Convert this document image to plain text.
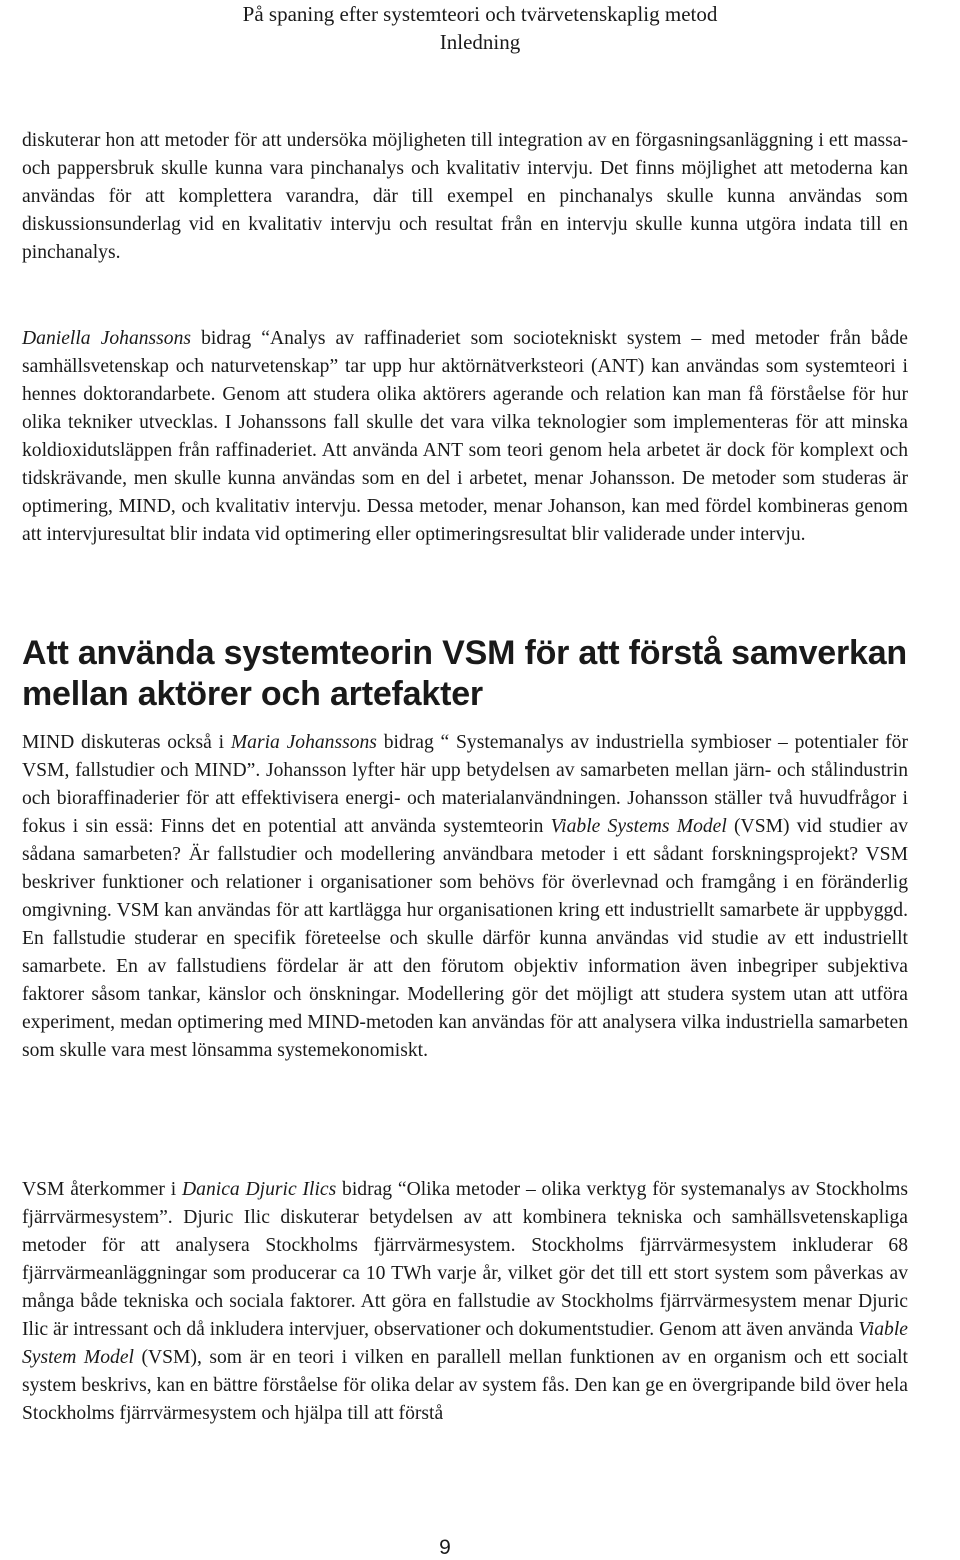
På spaning efter systemteori och tvärvetenskaplig metod
Inledning

diskuterar hon att metoder för att undersöka möjligheten till integration av en förgasningsanläggning i ett massa- och pappersbruk skulle kunna vara pinchanalys och kvalitativ intervju. Det finns möjlighet att metoderna kan användas för att komplettera varandra, där till exempel en pinchanalys skulle kunna användas som diskussionsunderlag vid en kvalitativ intervju och resultat från en intervju skulle kunna utgöra indata till en pinchanalys.

Daniella Johanssons bidrag “Analys av raffinaderiet som sociotekniskt system – med metoder från både samhällsvetenskap och naturvetenskap” tar upp hur aktörnätverksteori (ANT) kan användas som systemteori i hennes doktorandarbete. Genom att studera olika aktörers agerande och relation kan man få förståelse för hur olika tekniker utvecklas. I Johanssons fall skulle det vara vilka teknologier som implementeras för att minska koldioxidutsläppen från raffinaderiet. Att använda ANT som teori genom hela arbetet är dock för komplext och tidskrävande, men skulle kunna användas som en del i arbetet, menar Johansson. De metoder som studeras är optimering, MIND, och kvalitativ intervju. Dessa metoder, menar Johanson, kan med fördel kombineras genom att intervjuresultat blir indata vid optimering eller optimeringsresultat blir validerade under intervju.

Att använda systemteorin VSM för att förstå samverkan mellan aktörer och artefakter

MIND diskuteras också i Maria Johanssons bidrag “ Systemanalys av industriella symbioser – potentialer för VSM, fallstudier och MIND”. Johansson lyfter här upp betydelsen av samarbeten mellan järn- och stålindustrin och bioraffinaderier för att effektivisera energi- och materialanvändningen. Johansson ställer två huvudfrågor i fokus i sin essä: Finns det en potential att använda systemteorin Viable Systems Model (VSM) vid studier av sådana samarbeten? Är fallstudier och modellering användbara metoder i ett sådant forskningsprojekt? VSM beskriver funktioner och relationer i organisationer som behövs för överlevnad och framgång i en föränderlig omgivning. VSM kan användas för att kartlägga hur organisationen kring ett industriellt samarbete är uppbyggd. En fallstudie studerar en specifik företeelse och skulle därför kunna användas vid studie av ett industriellt samarbete. En av fallstudiens fördelar är att den förutom objektiv information även inbegriper subjektiva faktorer såsom tankar, känslor och önskningar. Modellering gör det möjligt att studera system utan att utföra experiment, medan optimering med MIND-metoden kan användas för att analysera vilka industriella samarbeten som skulle vara mest lönsamma systemekonomiskt.

VSM återkommer i Danica Djuric Ilics bidrag “Olika metoder – olika verktyg för systemanalys av Stockholms fjärrvärmesystem”. Djuric Ilic diskuterar betydelsen av att kombinera tekniska och samhällsvetenskapliga metoder för att analysera Stockholms fjärrvärmesystem. Stockholms fjärrvärmesystem inkluderar 68 fjärrvärmeanläggningar som producerar ca 10 TWh varje år, vilket gör det till ett stort system som påverkas av många både tekniska och sociala faktorer. Att göra en fallstudie av Stockholms fjärrvärmesystem menar Djuric Ilic är intressant och då inkludera intervjuer, observationer och dokumentstudier. Genom att även använda Viable System Model (VSM), som är en teori i vilken en parallell mellan funktionen av en organism och ett socialt system beskrivs, kan en bättre förståelse för olika delar av system fås. Den kan ge en övergripande bild över hela Stockholms fjärrvärmesystem och hjälpa till att förstå

9
